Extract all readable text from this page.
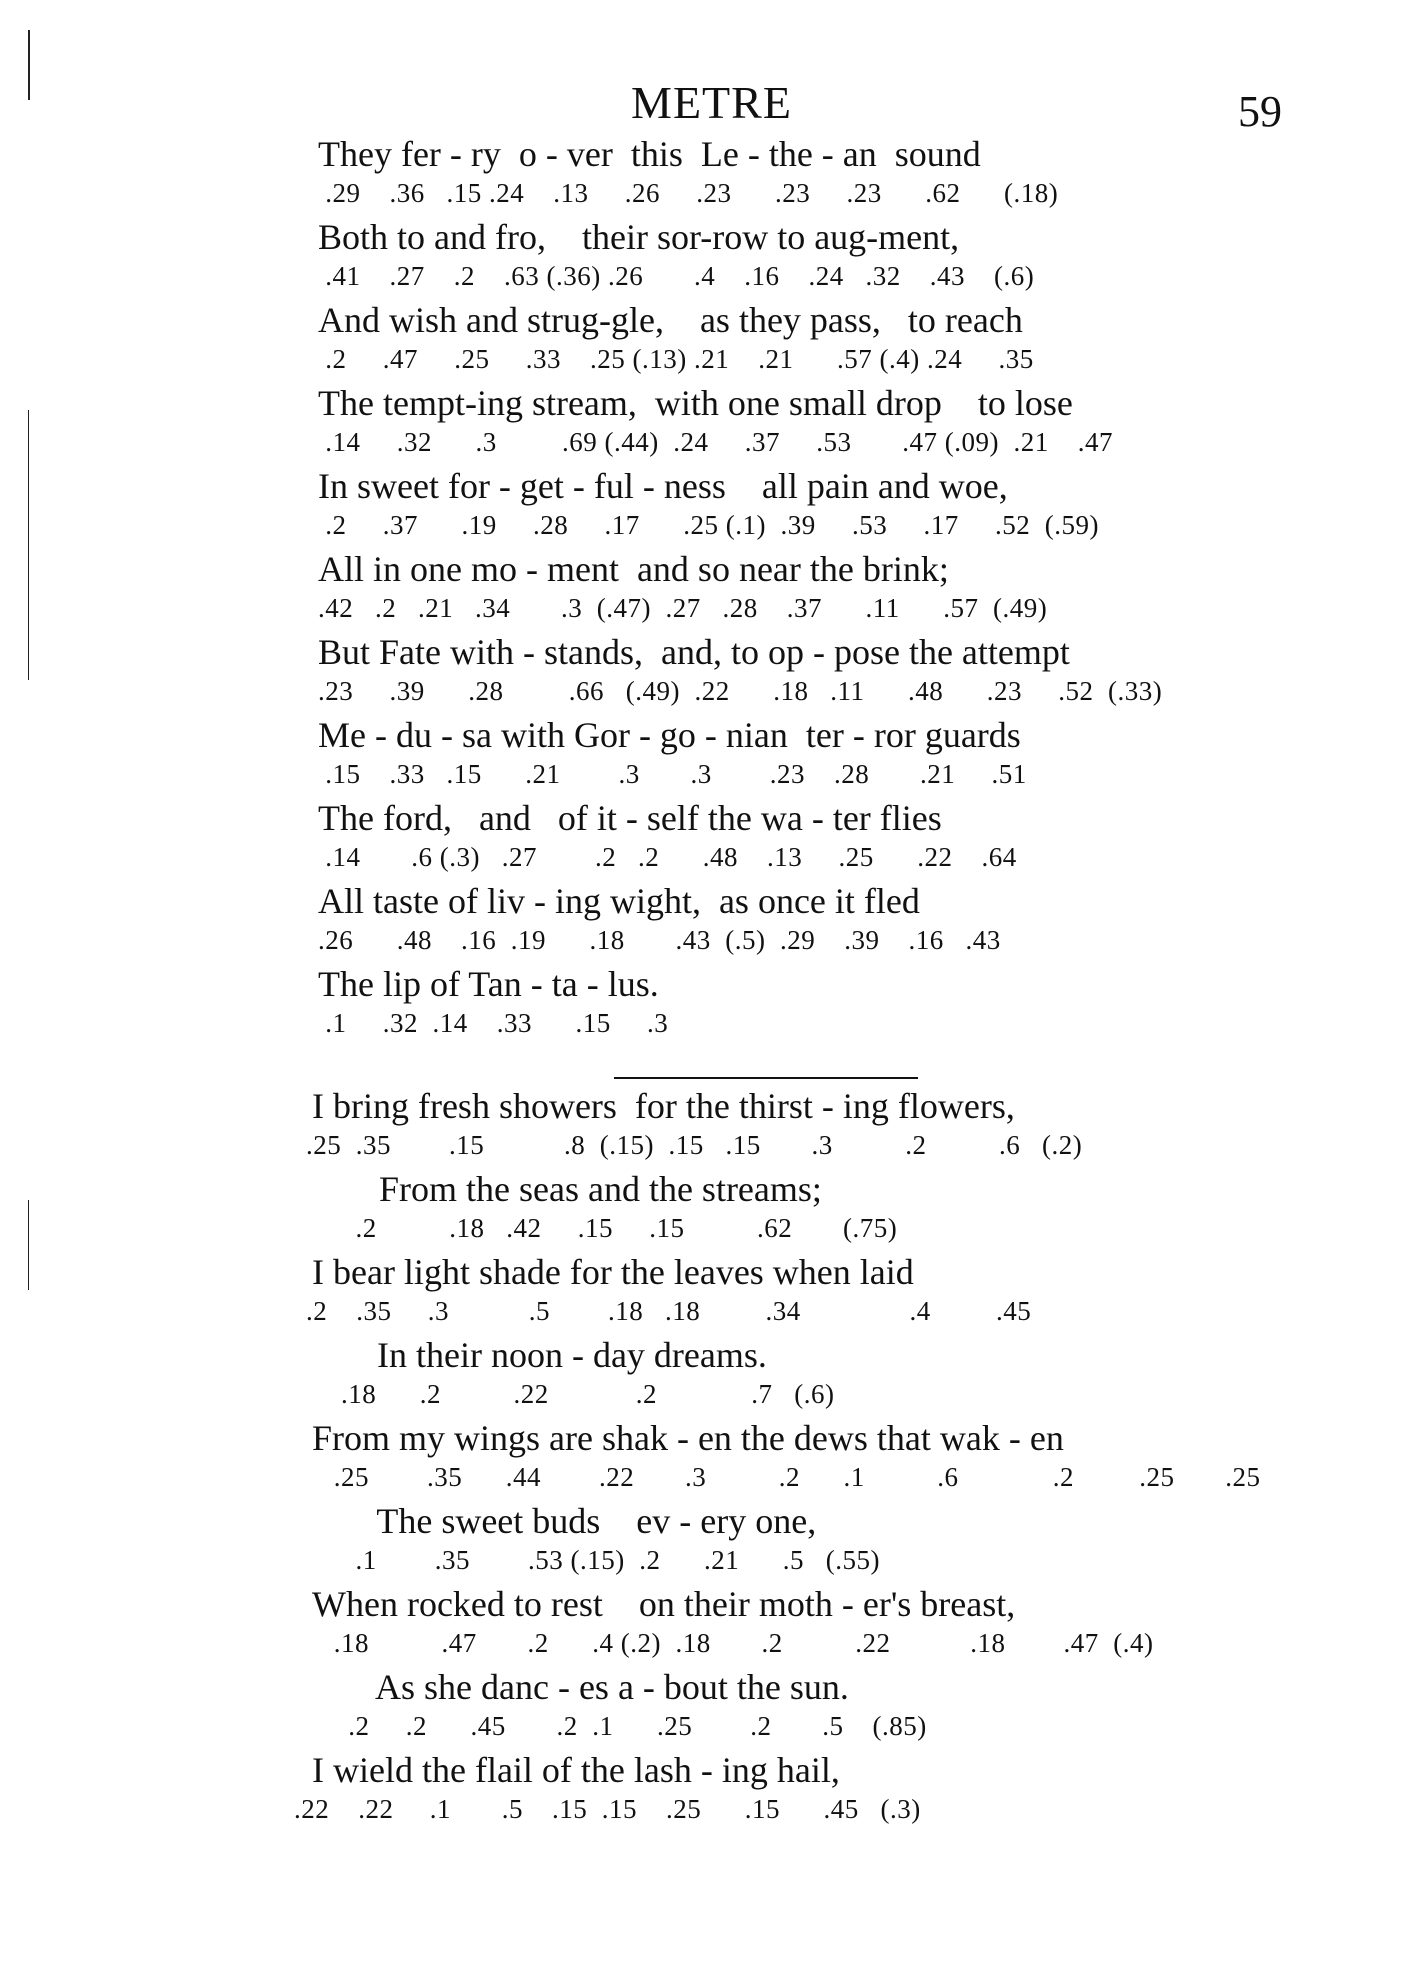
METRE	59
They fer - ry  o - ver  this  Le - the - an  sound
.29    .36   .15 .24    .13     .26     .23      .23     .23      .62      (.18)
Both to and fro,    their sor-row to aug-ment,
.41    .27    .2    .63 (.36) .26       .4    .16    .24   .32    .43    (.6)
And wish and strug-gle,    as they pass,   to reach
.2     .47     .25     .33    .25 (.13) .21    .21      .57 (.4) .24     .35
The tempt-ing stream,  with one small drop    to lose
.14     .32      .3         .69 (.44)  .24     .37     .53       .47 (.09)  .21    .47
In sweet for - get - ful - ness    all pain and woe,
.2     .37      .19     .28     .17      .25 (.1)  .39     .53     .17     .52  (.59)
All in one mo - ment  and so near the brink;
.42   .2   .21   .34       .3  (.47)  .27   .28    .37      .11      .57  (.49)
But Fate with - stands,  and, to op - pose the attempt
.23     .39      .28         .66   (.49)  .22      .18   .11      .48      .23     .52  (.33)
Me - du - sa with Gor - go - nian  ter - ror guards
.15    .33   .15      .21        .3       .3        .23    .28       .21     .51
The ford,   and   of it - self the wa - ter flies
.14       .6 (.3)   .27        .2   .2      .48    .13     .25      .22    .64
All taste of liv - ing wight,  as once it fled
.26      .48    .16  .19      .18       .43  (.5)  .29    .39    .16   .43
The lip of Tan - ta - lus.
.1     .32  .14    .33      .15     .3
I bring fresh showers  for the thirst - ing flowers,
.25  .35        .15           .8  (.15)  .15   .15       .3          .2          .6   (.2)
From the seas and the streams;
.2          .18   .42     .15     .15          .62       (.75)
I bear light shade for the leaves when laid
.2    .35     .3           .5        .18   .18         .34               .4         .45
In their noon - day dreams.
.18      .2          .22            .2             .7   (.6)
From my wings are shak - en the dews that wak - en
.25        .35      .44        .22       .3          .2      .1          .6             .2         .25       .25
The sweet buds    ev - ery one,
.1        .35        .53 (.15)  .2      .21      .5   (.55)
When rocked to rest    on their moth - er's breast,
.18          .47       .2      .4 (.2)  .18       .2          .22           .18        .47  (.4)
As she danc - es a - bout the sun.
.2     .2      .45       .2  .1      .25        .2       .5    (.85)
I wield the flail of the lash - ing hail,
.22    .22     .1       .5    .15  .15    .25      .15      .45   (.3)
